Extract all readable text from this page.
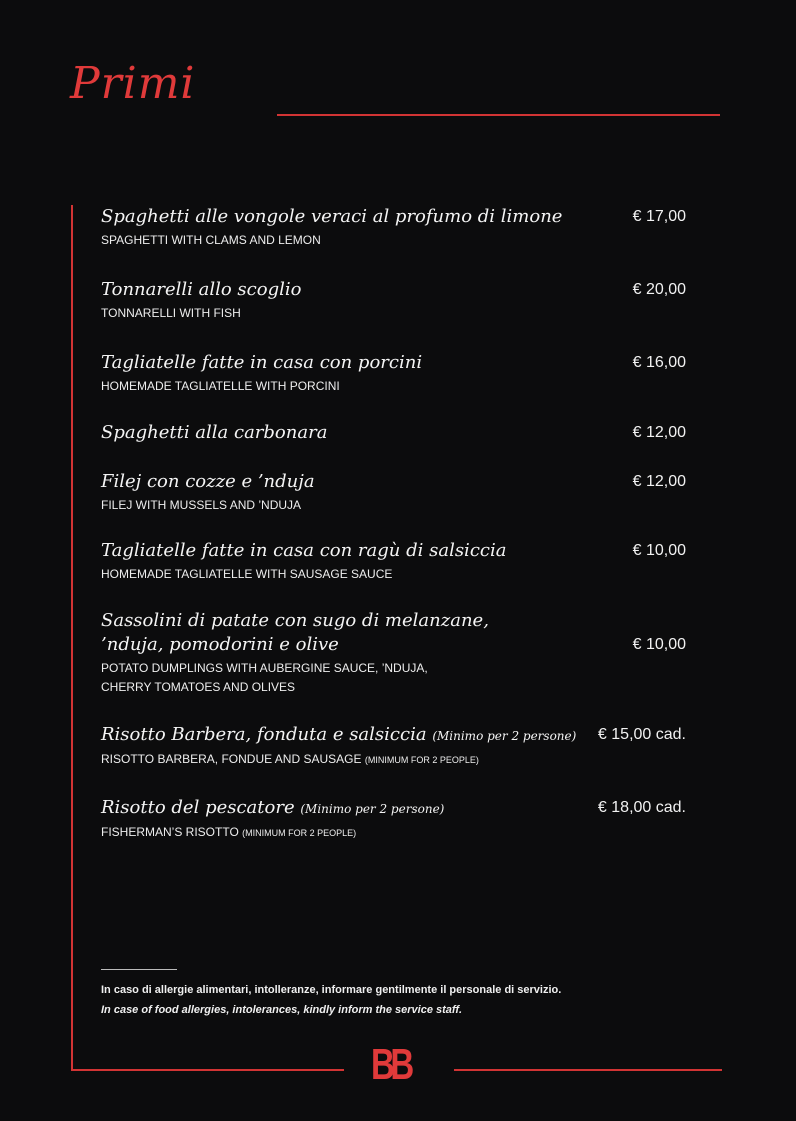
Primi
Spaghetti alle vongole veraci al profumo di limone
SPAGHETTI WITH CLAMS AND LEMON
€ 17,00
Tonnarelli allo scoglio
TONNARELLI WITH FISH
€ 20,00
Tagliatelle fatte in casa con porcini
HOMEMADE TAGLIATELLE WITH PORCINI
€ 16,00
Spaghetti alla carbonara	€ 12,00
Filej con cozze e ’nduja
FILEJ WITH MUSSELS AND ’NDUJA
€ 12,00
Tagliatelle fatte in casa con ragù di salsiccia
HOMEMADE TAGLIATELLE WITH SAUSAGE SAUCE
€ 10,00
Sassolini di patate con sugo di melanzane,
’nduja, pomodorini e olive
POTATO DUMPLINGS WITH AUBERGINE SAUCE, ’NDUJA,
CHERRY TOMATOES AND OLIVES
€ 10,00
Risotto Barbera, fonduta e salsiccia (Minimo per 2 persone)
RISOTTO BARBERA, FONDUE AND SAUSAGE (MINIMUM FOR 2 PEOPLE)
€ 15,00 cad.
Risotto del pescatore (Minimo per 2 persone)
FISHERMAN’S RISOTTO (MINIMUM FOR 2 PEOPLE)
€ 18,00 cad.
In caso di allergie alimentari, intolleranze, informare gentilmente il personale di servizio.
In case of food allergies, intolerances, kindly inform the service staff.
BB
